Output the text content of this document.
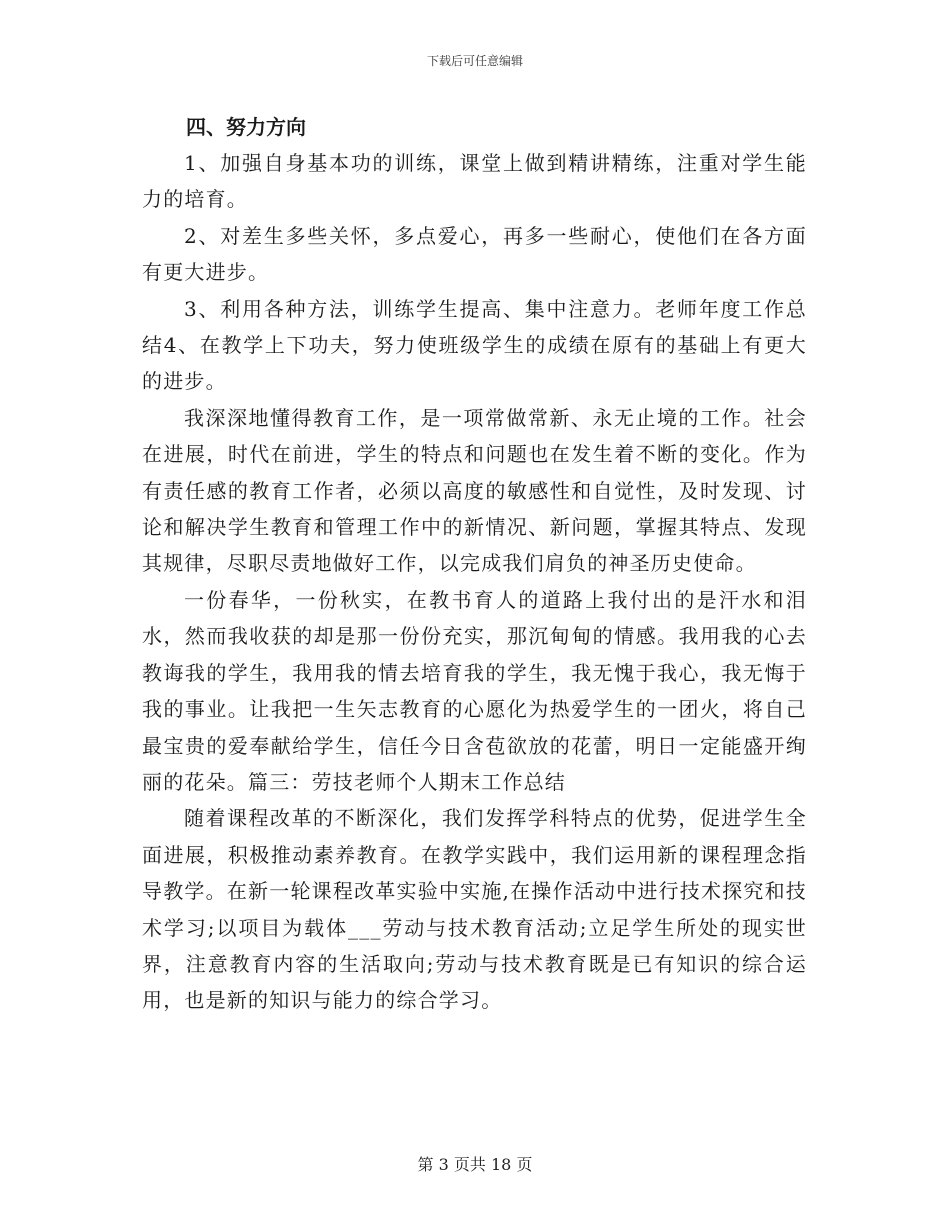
下载后可任意编辑

四、努力方向

1、加强自身基本功的训练，课堂上做到精讲精练，注重对学生能力的培育。

2、对差生多些关怀，多点爱心，再多一些耐心，使他们在各方面有更大进步。

3、利用各种方法，训练学生提高、集中注意力。老师年度工作总结4、在教学上下功夫，努力使班级学生的成绩在原有的基础上有更大的进步。

我深深地懂得教育工作，是一项常做常新、永无止境的工作。社会在进展，时代在前进，学生的特点和问题也在发生着不断的变化。作为有责任感的教育工作者，必须以高度的敏感性和自觉性，及时发现、讨论和解决学生教育和管理工作中的新情况、新问题，掌握其特点、发现其规律，尽职尽责地做好工作，以完成我们肩负的神圣历史使命。

一份春华，一份秋实，在教书育人的道路上我付出的是汗水和泪水，然而我收获的却是那一份份充实，那沉甸甸的情感。我用我的心去教诲我的学生，我用我的情去培育我的学生，我无愧于我心，我无悔于我的事业。让我把一生矢志教育的心愿化为热爱学生的一团火，将自己最宝贵的爱奉献给学生，信任今日含苞欲放的花蕾，明日一定能盛开绚丽的花朵。篇三：劳技老师个人期末工作总结

随着课程改革的不断深化，我们发挥学科特点的优势，促进学生全面进展，积极推动素养教育。在教学实践中，我们运用新的课程理念指导教学。在新一轮课程改革实验中实施,在操作活动中进行技术探究和技术学习;以项目为载体___劳动与技术教育活动;立足学生所处的现实世界，注意教育内容的生活取向;劳动与技术教育既是已有知识的综合运用，也是新的知识与能力的综合学习。

第 3 页共 18 页
